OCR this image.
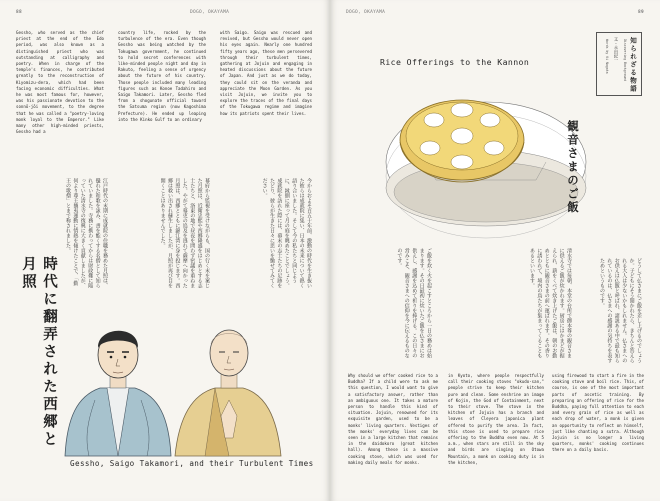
88	DOGO, OKAYAMA
Gessho, who served as the chief priest at the end of the Edo period, was also known as a distinguished priest who was outstanding at calligraphy and poetry. When in charge of the temple's finances, he contributed greatly to the reconstruction of Kiyomizu-dera, which had been facing economic difficulties. What he was most famous for, however, was his passionate devotion to the sonnō-jōi movement, to the degree that he was called a "poetry-loving monk loyal to the Emperor." Like many other high-minded priests, Gessho had a
country life, rocked by the turbulence of the era. Even though Gessho was being watched by the Tokugawa government, he continued to hold secret conferences with like-minded people night and day in Rakuto, feeling a sense of urgency about the future of his country. Those people included many leading figures such as Konoe Tadahiro and Saigo Takamori. Later, Gessho fled from a shogunate official toward the Satsuma region (now Kagoshima Prefecture). He ended up leaping into the Kinko Gulf to an ordinary
with Saigo. Saigo was rescued and revived, but Gessho would never open his eyes again. Nearly one hundred fifty years ago, these men persevered through their turbulent times, gathering at Jojuin and engaging in heated discussions about the future of Japan. And just as we do today, they could sit on the veranda and appreciate the Moon Garden. As you visit Jojuin, we invite you to explore the traces of the final days of the Tokugawa regime and imagine how its patriots spent their lives.
江戸時代の末期に成就院の住職を務めた月照は、優れた和歌を詠み、書を能くする名僧として知られていました。寺務に携わってからは財政難に陥っていた清水寺の復興に大きく貢献しましたが、何より尊王攘夷運動に情熱を傾けたことで、「勤王の歌僧」とまで称されました。	幕府から監視を受けながらも、国の行く末を案じた月照は、近衛忠煕や西郷隆盛をはじめとする志士たちと、洛東の地で昼夜を問わず密議を重ねました。やがて幕吏の追及を逃れて薩摩へ向かった月照は、西郷とともに錦江湾に身を投じます。西郷は救い出され蘇生しましたが、月照が再び目を開くことはありませんでした。	今からおよそ百五十年前、激動の時代を生き抜いた彼らは成就院に集い、日本の未来について熱く語り合いました。そして今の私たちと同じように、縁側に座って月の庭を眺めたことでしょう。成就院を訪れた際には、幕末の志士たちの足跡をたどり、彼らが生きた日々に思いを馳せてみてください。
時代に翻弄された西郷と月照
Gessho, Saigo Takamori, and their Turbulent Times
DOGO, OKAYAMA	89
知られざる物語
Discovering Background
文・永田紀一
Words by Ki Nagata
Rice Offerings to the Kannon
観音さまのご飯
どうして仏さまにご飯を差し上げるのでしょうか。子どもにそう聞かれたら、きちんと答えられる大人は少ないかもしれません。仏さまへのお供えは仏飯と呼ばれ、諸説ある中で最も知られているのは、仏さまへの感謝の気持ちを表すためというものです。
清水寺では毎朝、本堂の台所で御本尊の観音さまに供えるご飯が炊かれます。厨房にはかまどが据えられ、薪をくべて炊き上げたご飯は、朝のお勤めとともに観音さまの前へ運ばれます。その香りに誘われて、境内の鳥たちが集まってくることもあるといいます。
ご飯を炊く火を起こすところから一日の務めは始まります。その日最初に炊いたご飯を仏さまにお供えし、感謝を込めて祈りを捧げる。この日々の営みこそ、観音さまへの信仰を今に伝えるものなのです。
Why should we offer cooked rice to a Buddha? If a child were to ask me this question, I would want to give a satisfactory answer, rather than an ambiguous one. It takes a mature person to handle this kind of situation. Jojuin, renowned for its exquisite garden, used to be a monks' living quarters. Vestiges of the monks' everyday lives can be seen in a large kitchen that remains in the daidokoro (great kitchen hall). Among these is a massive cooking stove, which was used for making daily meals for monks.
in Kyoto, where people respectfully call their cooking stoves "okudo-san," people strive to keep their kitchen pure and clean. Some enshrine an image of Kojin, the God of Containment, next to their stove. The stove in the kitchen of Jojuin has a branch and leaves of Cleyera japonica plant offered to purify the area. In fact, this stove is used to prepare rice offering to the Buddha even now. At 5 a.m., when stars are still in the sky and birds are singing on Otowa Mountain, a monk on cooking duty is in the kitchen,
using firewood to start a fire in the cooking stove and boil rice. This, of course, is one of the most important parts of ascetic training. By preparing an offering of rice for the Buddha, paying full attention to each and every grain of rice as well as each drop of water, a monk is given an opportunity to reflect on himself, just like chanting a sutra. Although Jojuin is no longer a living quarters, monks' cooking continues there on a daily basis.
